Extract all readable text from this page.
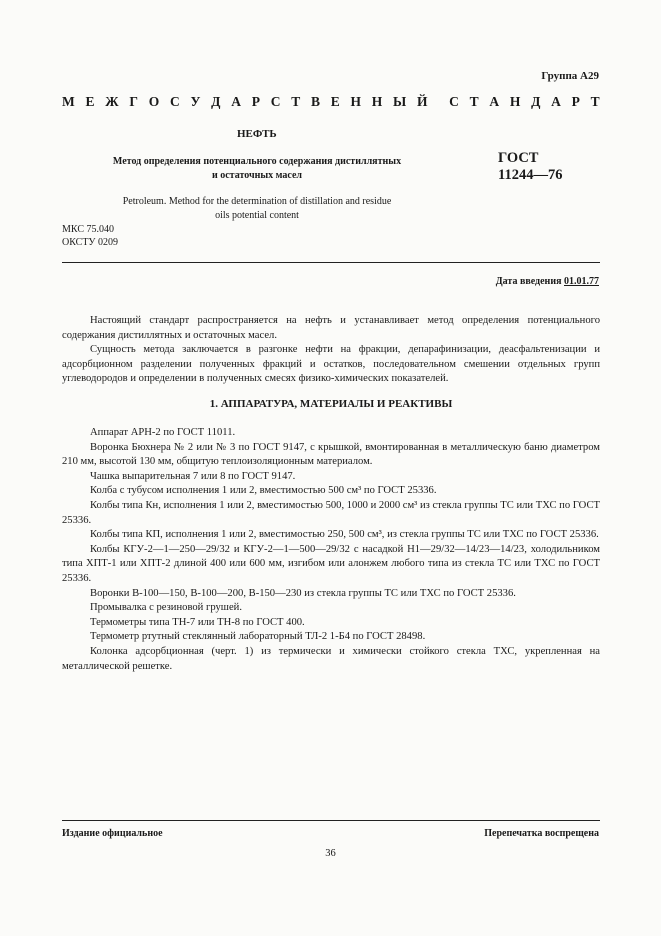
Группа А29
М Е Ж Г О С У Д А Р С Т В Е Н Н Ы Й С Т А Н Д А Р Т
НЕФТЬ
Метод определения потенциального содержания дистиллятных
и остаточных масел
ГОСТ
11244—76
Petroleum. Method for the determination of distillation and residue
oils potential content
МКС 75.040
ОКСТУ 0209
Дата введения 01.01.77

Настоящий стандарт распространяется на нефть и устанавливает метод определения потенциального содержания дистиллятных и остаточных масел.

Сущность метода заключается в разгонке нефти на фракции, депарафинизации, деасфальтенизации и адсорбционном разделении полученных фракций и остатков, последовательном смешении отдельных групп углеводородов и определении в полученных смесях физико-химических показателей.

1. АППАРАТУРА, МАТЕРИАЛЫ И РЕАКТИВЫ

Аппарат АРН-2 по ГОСТ 11011.

Воронка Бюхнера № 2 или № 3 по ГОСТ 9147, с крышкой, вмонтированная в металлическую баню диаметром 210 мм, высотой 130 мм, общитую теплоизоляционным материалом.

Чашка выпарительная 7 или 8 по ГОСТ 9147.

Колба с тубусом исполнения 1 или 2, вместимостью 500 см³ по ГОСТ 25336.

Колбы типа Кн, исполнения 1 или 2, вместимостью 500, 1000 и 2000 см³ из стекла группы ТС или ТХС по ГОСТ 25336.

Колбы типа КП, исполнения 1 или 2, вместимостью 250, 500 см³, из стекла группы ТС или ТХС по ГОСТ 25336.

Колбы КГУ-2—1—250—29/32 и КГУ-2—1—500—29/32 с насадкой Н1—29/32—14/23—14/23, холодильником типа ХПТ-1 или ХПТ-2 длиной 400 или 600 мм, изгибом или алонжем любого типа из стекла ТС или ТХС по ГОСТ 25336.

Воронки В-100—150, В-100—200, В-150—230 из стекла группы ТС или ТХС по ГОСТ 25336.

Промывалка с резиновой грушей.

Термометры типа ТН-7 или ТН-8 по ГОСТ 400.

Термометр ртутный стеклянный лабораторный ТЛ-2 1-Б4 по ГОСТ 28498.

Колонка адсорбционная (черт. 1) из термически и химически стойкого стекла ТХС, укрепленная на металлической решетке.

Издание официальное	Перепечатка воспрещена
36
